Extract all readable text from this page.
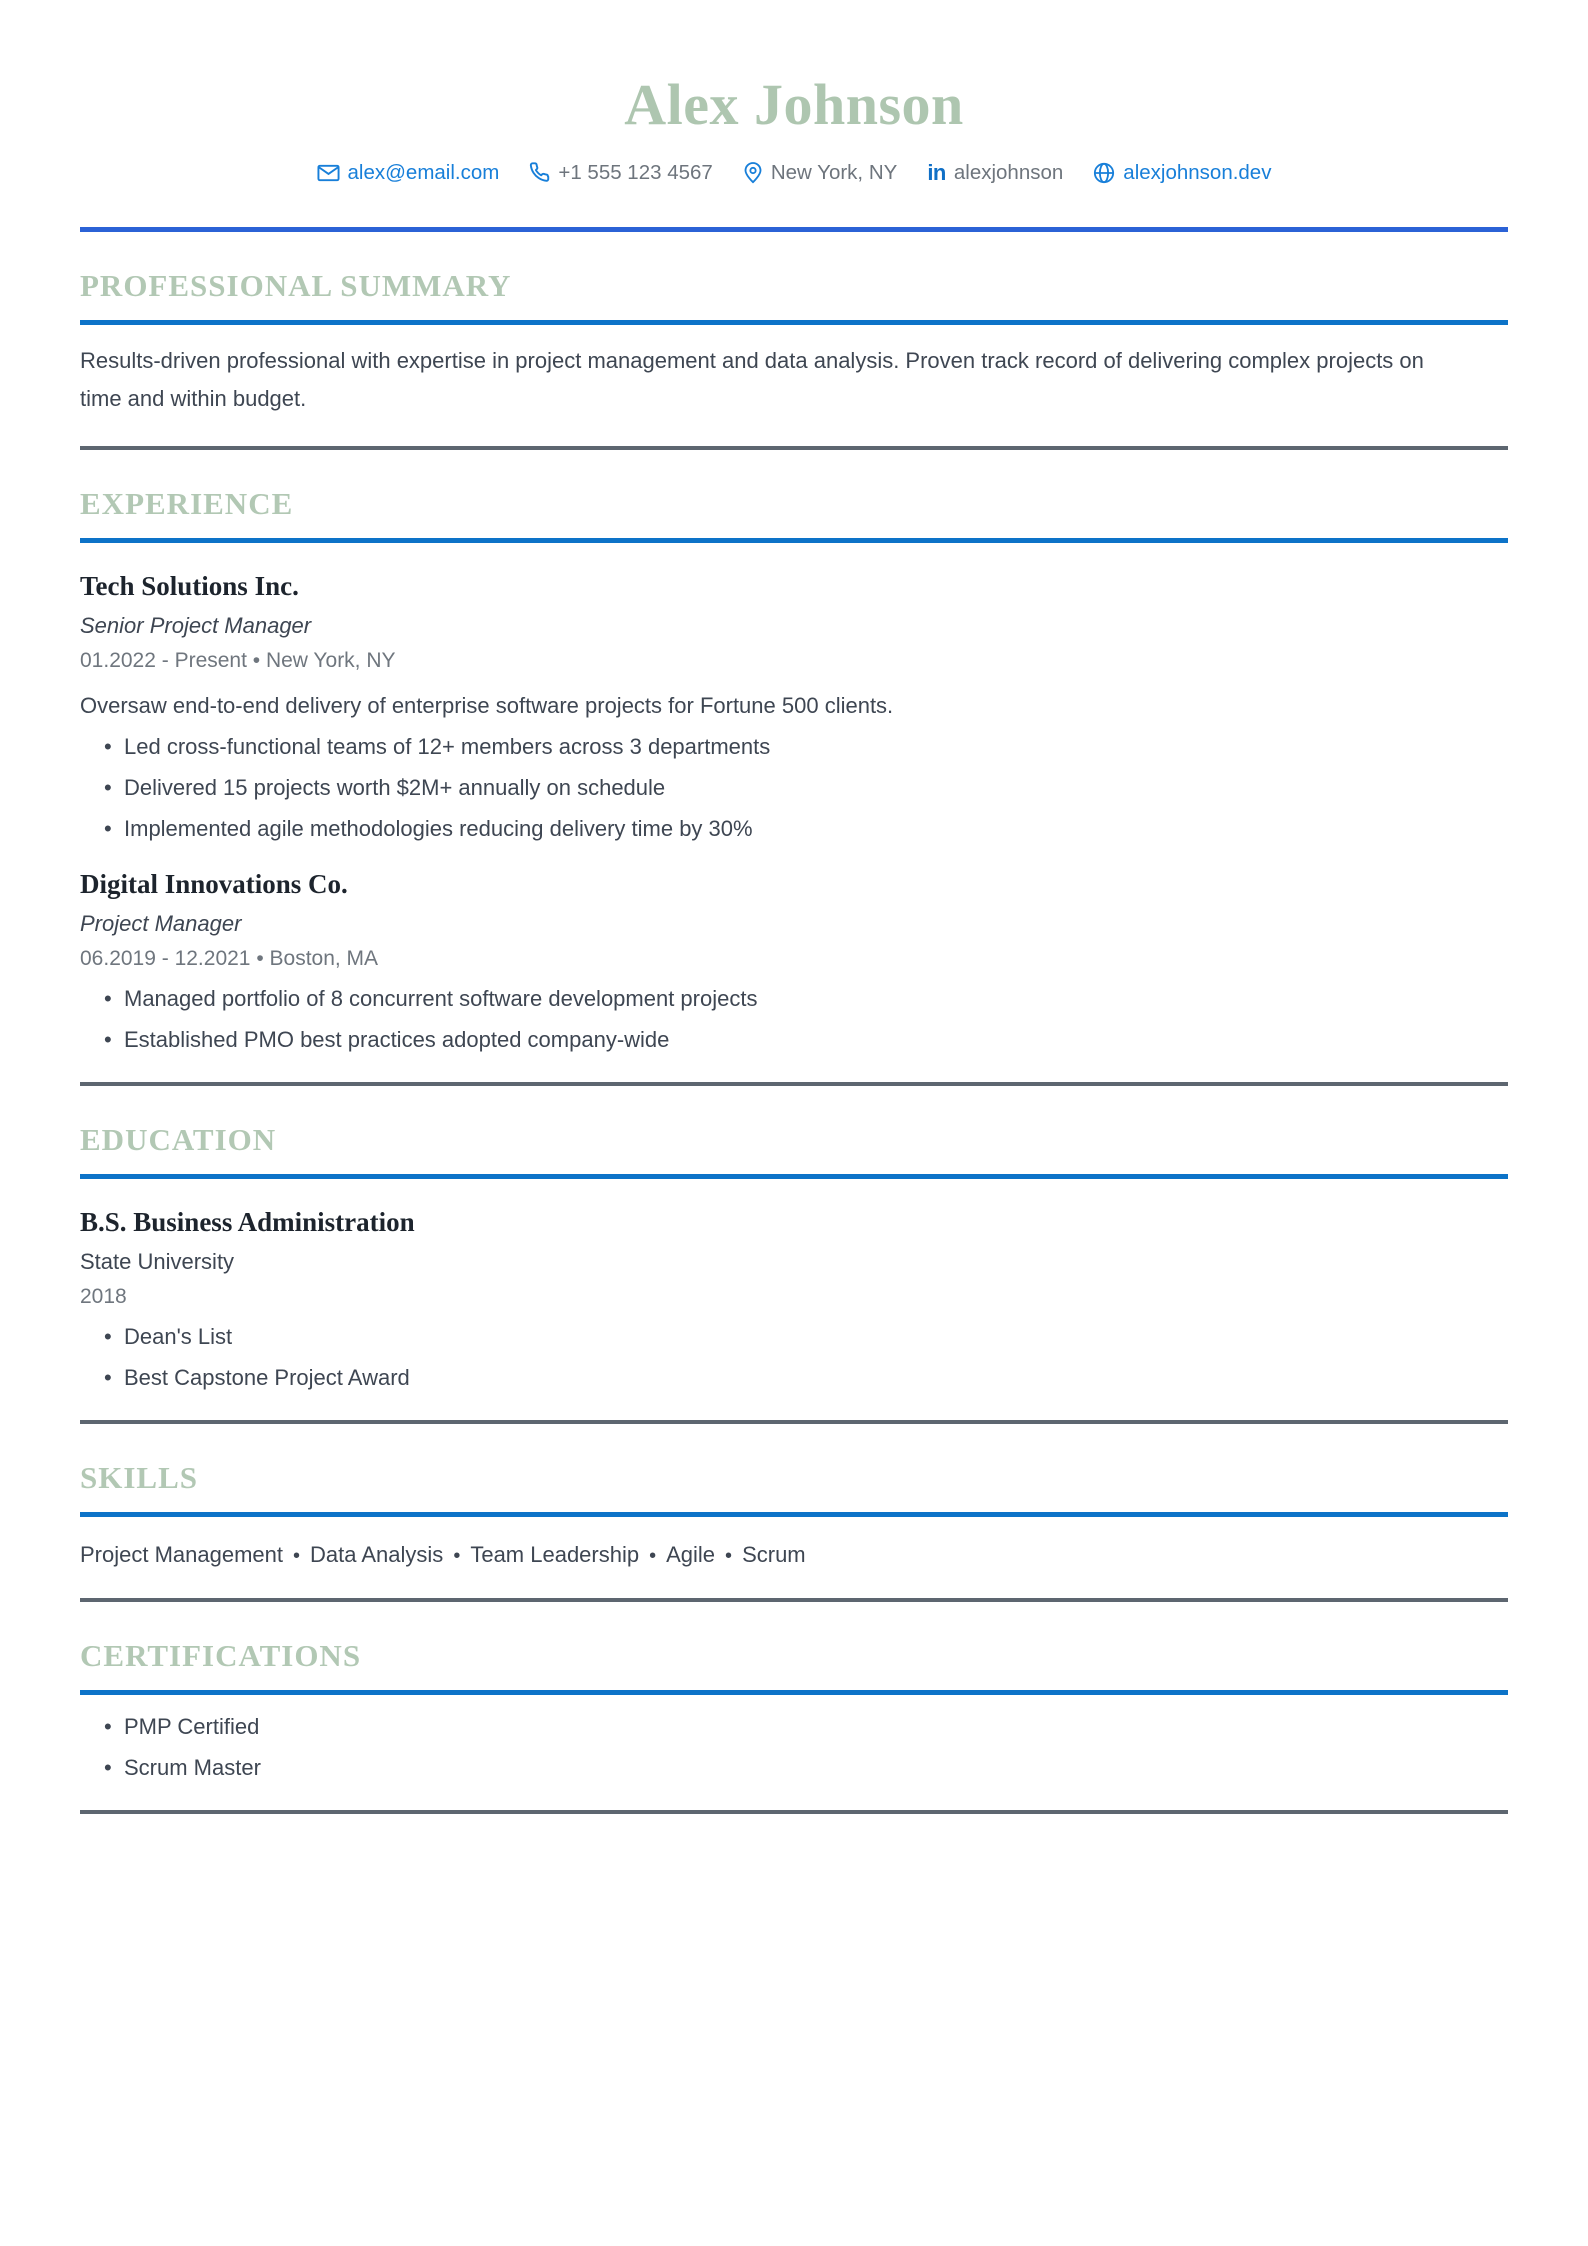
Alex Johnson
alex@email.com	+1 555 123 4567	New York, NY in alexjohnson	alexjohnson.dev
PROFESSIONAL SUMMARY

Results-driven professional with expertise in project management and data analysis. Proven track record of delivering complex projects on time and within budget.

EXPERIENCE
Tech Solutions Inc.
Senior Project Manager
01.2022 - Present • New York, NY

Oversaw end-to-end delivery of enterprise software projects for Fortune 500 clients.

• Led cross-functional teams of 12+ members across 3 departments
• Delivered 15 projects worth $2M+ annually on schedule
• Implemented agile methodologies reducing delivery time by 30%
Digital Innovations Co.
Project Manager
06.2019 - 12.2021 • Boston, MA
• Managed portfolio of 8 concurrent software development projects
• Established PMO best practices adopted company-wide
EDUCATION
B.S. Business Administration
State University
2018
• Dean's List
• Best Capstone Project Award
SKILLS
Project Management • Data Analysis • Team Leadership • Agile • Scrum
CERTIFICATIONS
• PMP Certified
• Scrum Master
